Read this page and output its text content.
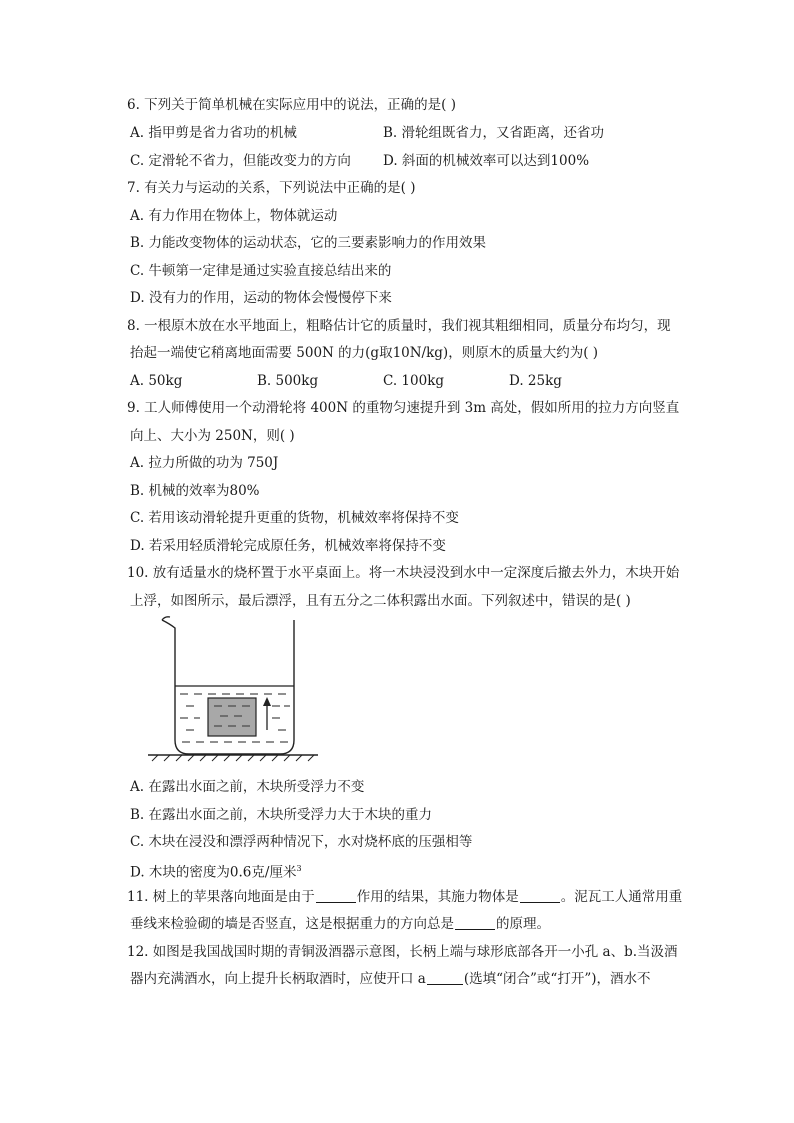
6. 下列关于简单机械在实际应用中的说法，正确的是( )
A. 指甲剪是省力省功的机械	B. 滑轮组既省力，又省距离，还省功
C. 定滑轮不省力，但能改变力的方向 D. 斜面的机械效率可以达到100%
7. 有关力与运动的关系，下列说法中正确的是( )
A. 有力作用在物体上，物体就运动
B. 力能改变物体的运动状态，它的三要素影响力的作用效果
C. 牛顿第一定律是通过实验直接总结出来的
D. 没有力的作用，运动的物体会慢慢停下来
8. 一根原木放在水平地面上，粗略估计它的质量时，我们视其粗细相同，质量分布均匀，现
抬起一端使它稍离地面需要 500N 的力(g取10N/kg)，则原木的质量大约为( )
A. 50kg	B. 500kg	C. 100kg	D. 25kg
9. 工人师傅使用一个动滑轮将 400N 的重物匀速提升到 3m 高处，假如所用的拉力方向竖直
向上、大小为 250N，则( )
A. 拉力所做的功为 750J
B. 机械的效率为80%
C. 若用该动滑轮提升更重的货物，机械效率将保持不变
D. 若采用轻质滑轮完成原任务，机械效率将保持不变
10. 放有适量水的烧杯置于水平桌面上。将一木块浸没到水中一定深度后撤去外力，木块开始
上浮，如图所示，最后漂浮，且有五分之二体积露出水面。下列叙述中，错误的是( )
A. 在露出水面之前，木块所受浮力不变
B. 在露出水面之前，木块所受浮力大于木块的重力
C. 木块在浸没和漂浮两种情况下，水对烧杯底的压强相等
D. 木块的密度为0.6克/厘米$^3$
11. 树上的苹果落向地面是由于	作用的结果，其施力物体是	。泥瓦工人通常用重
垂线来检验砌的墙是否竖直，这是根据重力的方向总是	的原理。
12. 如图是我国战国时期的青铜汲酒器示意图，长柄上端与球形底部各开一小孔 a、b.当汲酒
器内充满酒水，向上提升长柄取酒时，应使开口 a	(选填“闭合”或“打开”)，酒水不
